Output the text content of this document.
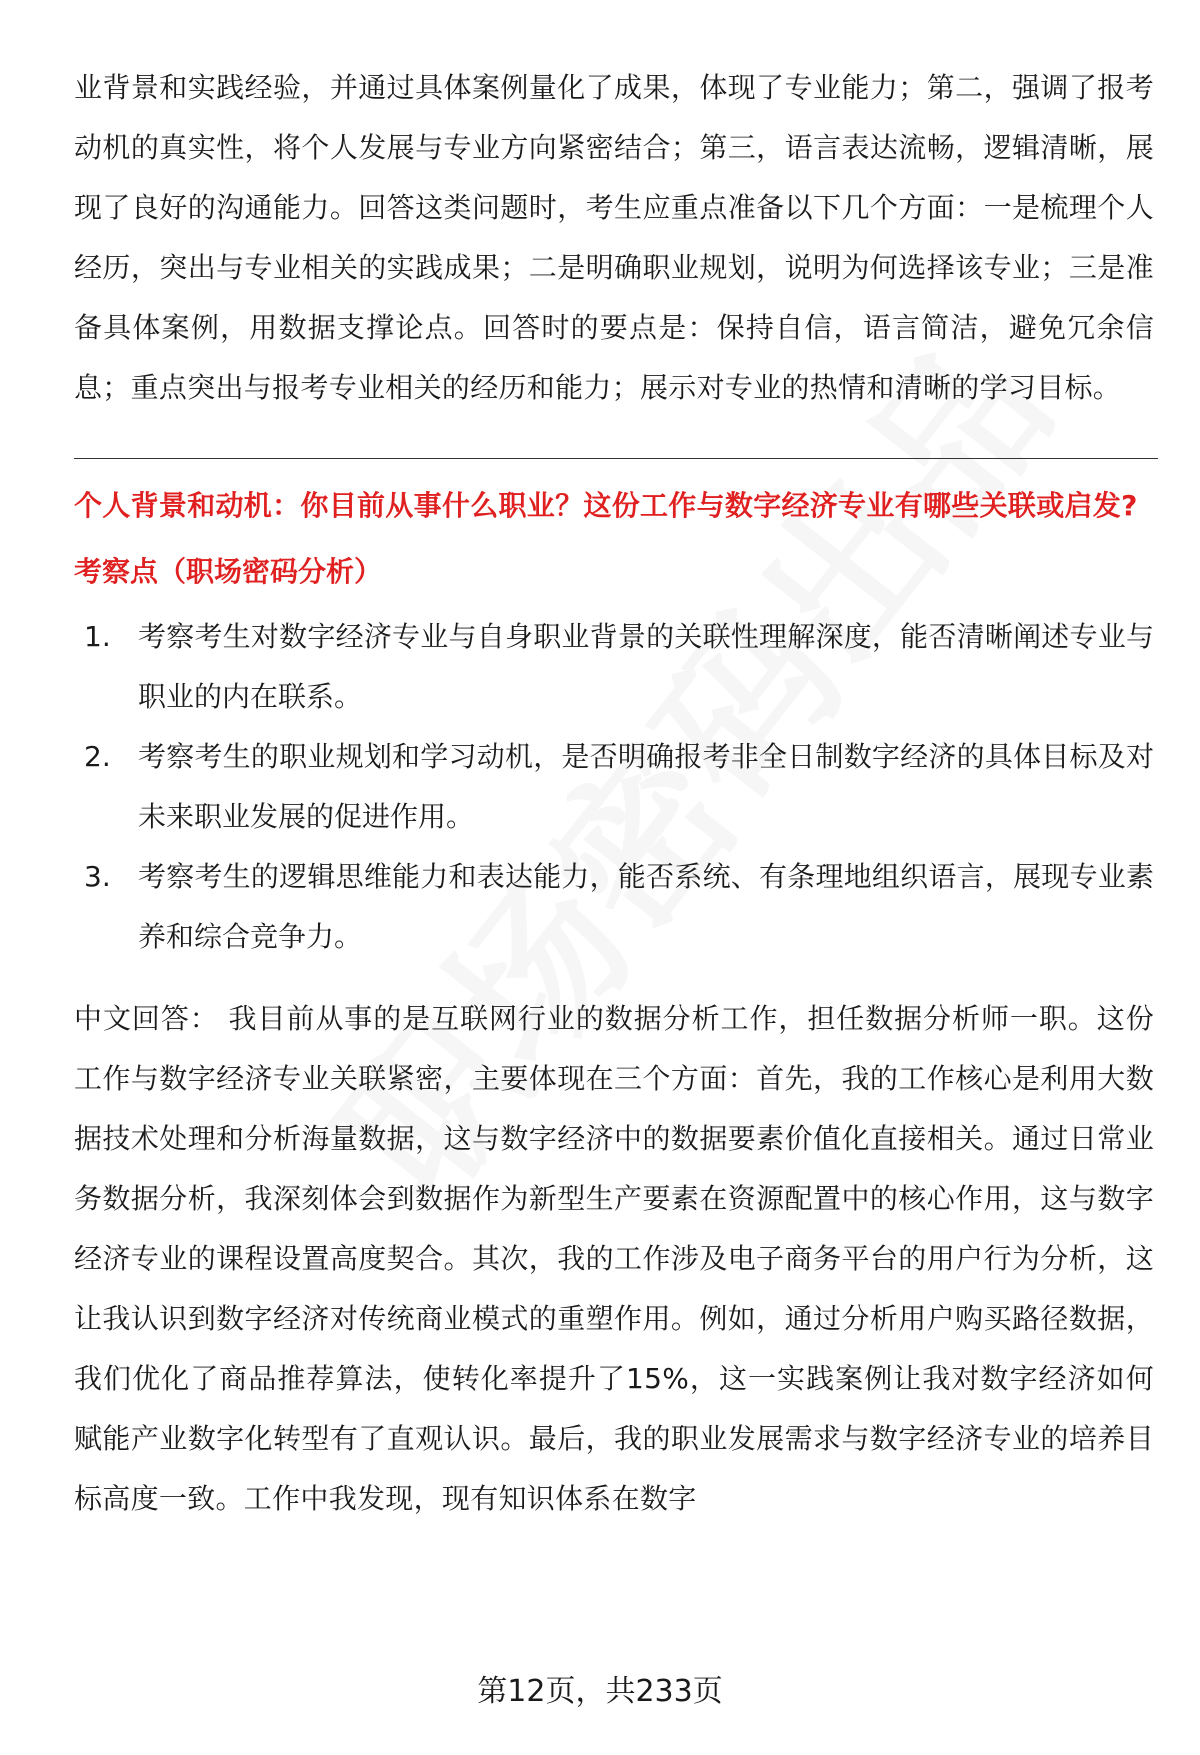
业背景和实践经验，并通过具体案例量化了成果，体现了专业能力；第二，强调了报考动机的真实性，将个人发展与专业方向紧密结合；第三，语言表达流畅，逻辑清晰，展现了良好的沟通能力。回答这类问题时，考生应重点准备以下几个方面：一是梳理个人经历，突出与专业相关的实践成果；二是明确职业规划，说明为何选择该专业；三是准备具体案例，用数据支撑论点。回答时的要点是：保持自信，语言简洁，避免冗余信息；重点突出与报考专业相关的经历和能力；展示对专业的热情和清晰的学习目标。

个人背景和动机：你目前从事什么职业？这份工作与数字经济专业有哪些关联或启发?

考察点（职场密码分析）

1. 考察考生对数字经济专业与自身职业背景的关联性理解深度，能否清晰阐述专业与职业的内在联系。
2. 考察考生的职业规划和学习动机，是否明确报考非全日制数字经济的具体目标及对未来职业发展的促进作用。
3. 考察考生的逻辑思维能力和表达能力，能否系统、有条理地组织语言，展现专业素养和综合竞争力。

中文回答： 我目前从事的是互联网行业的数据分析工作，担任数据分析师一职。这份工作与数字经济专业关联紧密，主要体现在三个方面：首先，我的工作核心是利用大数据技术处理和分析海量数据，这与数字经济中的数据要素价值化直接相关。通过日常业务数据分析，我深刻体会到数据作为新型生产要素在资源配置中的核心作用，这与数字经济专业的课程设置高度契合。其次，我的工作涉及电子商务平台的用户行为分析，这让我认识到数字经济对传统商业模式的重塑作用。例如，通过分析用户购买路径数据，我们优化了商品推荐算法，使转化率提升了15%，这一实践案例让我对数字经济如何赋能产业数字化转型有了直观认识。最后，我的职业发展需求与数字经济专业的培养目标高度一致。工作中我发现，现有知识体系在数字

第12页，共233页
